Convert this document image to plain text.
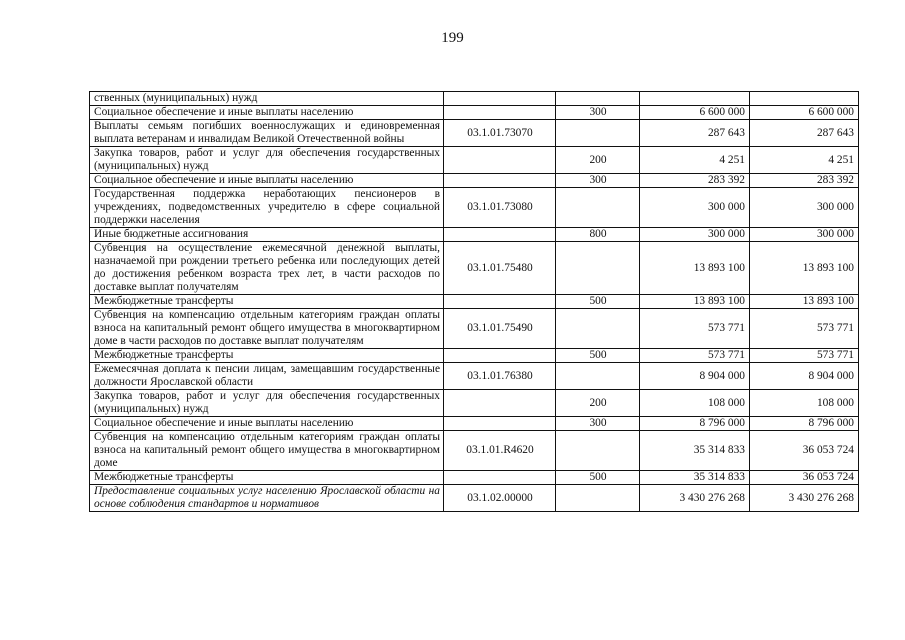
199
ственных (муниципальных) нужд				
Социальное обеспечение и иные выплаты населению		300	6 600 000	6 600 000
Выплаты семьям погибших военнослужащих и единовременная выплата ветеранам и инвалидам Великой Отечественной войны	03.1.01.73070		287 643	287 643
Закупка товаров, работ и услуг для обеспечения государственных (муниципальных) нужд		200	4 251	4 251
Социальное обеспечение и иные выплаты населению		300	283 392	283 392
Государственная поддержка неработающих пенсионеров в учреждениях, подведомственных учредителю в сфере социальной поддержки населения	03.1.01.73080		300 000	300 000
Иные бюджетные ассигнования		800	300 000	300 000
Субвенция на осуществление ежемесячной денежной выплаты, назначаемой при рождении третьего ребенка или последующих детей до достижения ребенком возраста трех лет, в части расходов по доставке выплат получателям	03.1.01.75480		13 893 100	13 893 100
Межбюджетные трансферты		500	13 893 100	13 893 100
Субвенция на компенсацию отдельным категориям граждан оплаты взноса на капитальный ремонт общего имущества в многоквартирном доме в части расходов по доставке выплат получателям	03.1.01.75490		573 771	573 771
Межбюджетные трансферты		500	573 771	573 771
Ежемесячная доплата к пенсии лицам, замещавшим государственные должности Ярославской области	03.1.01.76380		8 904 000	8 904 000
Закупка товаров, работ и услуг для обеспечения государственных (муниципальных) нужд		200	108 000	108 000
Социальное обеспечение и иные выплаты населению		300	8 796 000	8 796 000
Субвенция на компенсацию отдельным категориям граждан оплаты взноса на капитальный ремонт общего имущества в многоквартирном доме	03.1.01.R4620		35 314 833	36 053 724
Межбюджетные трансферты		500	35 314 833	36 053 724
Предоставление социальных услуг населению Ярославской области на основе соблюдения стандартов и нормативов	03.1.02.00000		3 430 276 268	3 430 276 268
